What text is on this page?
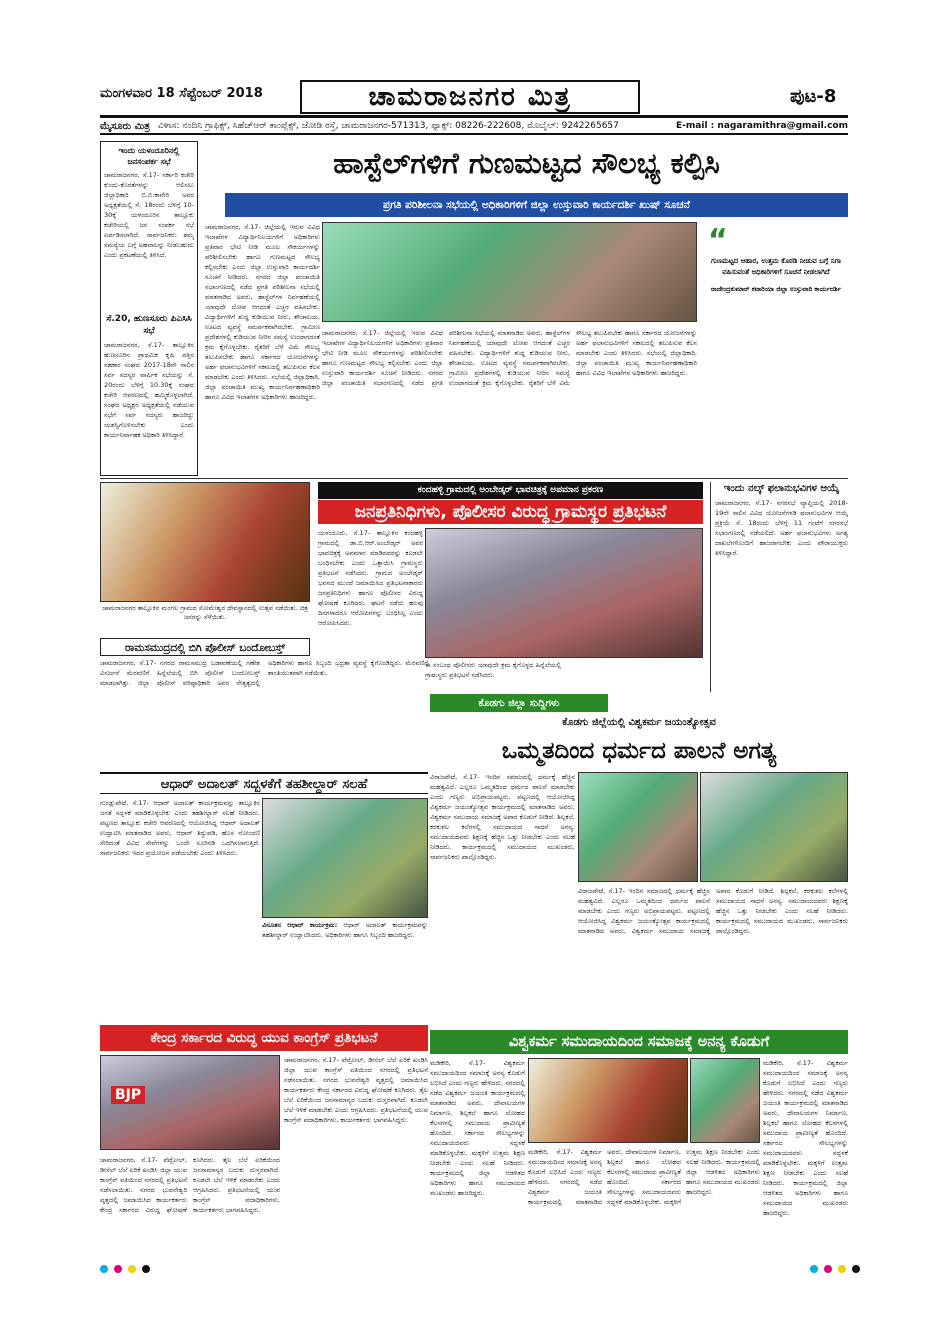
ಮಂಗಳವಾರ 18 ಸೆಪ್ಟೆಂಬರ್ 2018	ಚಾಮರಾಜನಗರ ಮಿತ್ರ	ಪುಟ-8
ಮೈಸೂರು ಮಿತ್ರ ವಿಳಾಸ: ನಂದಿನಿ ಗ್ರಾಫಿಕ್ಸ್, ಸಿಹೆಚ್‌ಆರ್ ಕಾಂಪ್ಲೆಕ್ಸ್, ಜೋಡಿ ರಸ್ತೆ, ಚಾಮರಾಜನಗರ-571313, ಫ್ಯಾಕ್ಸ್: 08226-222608, ಮೊಬೈಲ್: 9242265657	E-mail : nagaramithra@gmail.com
ಇಂದು ಯಳಂದೂರಿನಲ್ಲಿ ಜನಸಂಪರ್ಕ ಸಭೆ
ಚಾಮರಾಜನಗರ, ಸೆ.17- ಸರ್ಕಾರಿ ಕಚೇರಿ ಕುಂದು-ಕೊರತೆಗಳನ್ನು ಆಲಿಸಲು ಜಿಲ್ಲಾಧಿಕಾರಿ ಬಿ.ಬಿ.ಕಾವೇರಿ ಅವರ ಅಧ್ಯಕ್ಷತೆಯಲ್ಲಿ ಸೆ. 18ರಂದು ಬೆಳಿಗ್ಗೆ 10-30ಕ್ಕೆ ಯಳಂದೂರಿನ ತಾಲ್ಲೂಕು ಕಚೇರಿಯಲ್ಲಿ ಜನ ಸಂಪರ್ಕ ಸಭೆ ಏರ್ಪಡಿಸಲಾಗಿದೆ. ಸಾರ್ವಜನಿಕರು ತಮ್ಮ ಸಮಸ್ಯೆಯ ಬಗ್ಗೆ ಅಹವಾಲನ್ನು ನೀಡಬಹುದು ಎಂದು ಪ್ರಕಟಣೆಯಲ್ಲಿ ತಿಳಿಸಿದೆ.
ಸೆ.20, ಹುಣಸೂರು ಪಿಎಸಿಸಿ ಸಭೆ
ಚಾಮರಾಜನಗರ, ಸೆ.17- ತಾಲ್ಲೂಕಿನ ಹುಣಸೂರಿನ ಪ್ರಾಥಮಿಕ ಕೃಷಿ ಪತ್ತಿನ ಸಹಕಾರ ಸಂಘದ 2017-18ನೇ ಸಾಲಿನ ಸರ್ವ ಸದಸ್ಯರ ವಾರ್ಷಿಕ ಸಭೆಯನ್ನು ಸೆ. 20ರಂದು ಬೆಳಿಗ್ಗೆ 10.30ಕ್ಕೆ ಸಂಘದ ಕಚೇರಿ ಆವರಣದಲ್ಲಿ ಹಮ್ಮಿಕೊಳ್ಳಲಾಗಿದೆ. ಸಂಘದ ಅಧ್ಯಕ್ಷರ ಅಧ್ಯಕ್ಷತೆಯಲ್ಲಿ ನಡೆಯುವ ಸಭೆಗೆ ಸರ್ವ ಸದಸ್ಯರು ಹಾಜರಿದ್ದು ಯಶಸ್ವಿಗೊಳಿಸಬೇಕು ಎಂದು ಕಾರ್ಯನಿರ್ವಾಹಕ ಅಧಿಕಾರಿ ತಿಳಿಸಿದ್ದಾರೆ.
ಹಾಸ್ಟೆಲ್‌ಗಳಿಗೆ ಗುಣಮಟ್ಟದ ಸೌಲಭ್ಯ ಕಲ್ಪಿಸಿ
ಪ್ರಗತಿ ಪರಿಶೀಲನಾ ಸಭೆಯಲ್ಲಿ ಅಧಿಕಾರಿಗಳಿಗೆ ಜಿಲ್ಲಾ ಉಸ್ತುವಾರಿ ಕಾರ್ಯದರ್ಶಿ ಖುಷ್ ಸೂಚನೆ
ಚಾಮರಾಜನಗರ, ಸೆ.17- ಜಿಲ್ಲೆಯಲ್ಲಿ ಇರುವ ವಿವಿಧ ಇಲಾಖೆಗಳ ವಿದ್ಯಾರ್ಥಿನಿಲಯಗಳಿಗೆ ಅಧಿಕಾರಿಗಳು ಪ್ರತಿವಾರ ಭೇಟಿ ನೀಡಿ ಮೂಲ ಸೌಕರ್ಯಗಳನ್ನು ಪರಿಶೀಲಿಸಬೇಕು ಹಾಗೂ ಗುಣಮಟ್ಟದ ಸೌಲಭ್ಯ ಕಲ್ಪಿಸಬೇಕು ಎಂದು ಜಿಲ್ಲಾ ಉಸ್ತುವಾರಿ ಕಾರ್ಯದರ್ಶಿ ಸೂಚನೆ ನೀಡಿದರು. ನಗರದ ಜಿಲ್ಲಾ ಪಂಚಾಯಿತಿ ಸಭಾಂಗಣದಲ್ಲಿ ನಡೆದ ಪ್ರಗತಿ ಪರಿಶೀಲನಾ ಸಭೆಯಲ್ಲಿ ಮಾತನಾಡಿದ ಅವರು, ಹಾಸ್ಟೆಲ್‌ಗಳ ನಿರ್ವಹಣೆಯಲ್ಲಿ ಯಾವುದೇ ಲೋಪ ಆಗದಂತೆ ಎಚ್ಚರ ವಹಿಸಬೇಕು. ವಿದ್ಯಾರ್ಥಿಗಳಿಗೆ ಶುದ್ಧ ಕುಡಿಯುವ ನೀರು, ಶೌಚಾಲಯ, ಊಟದ ವ್ಯವಸ್ಥೆ ಸಮರ್ಪಕವಾಗಿರಬೇಕು. ಗ್ರಾಮೀಣ ಪ್ರದೇಶಗಳಲ್ಲಿ ಕುಡಿಯುವ ನೀರಿನ ಸಮಸ್ಯೆ ಉಂಟಾಗದಂತೆ ಕ್ರಮ ಕೈಗೊಳ್ಳಬೇಕು. ರೈತರಿಗೆ ಬೆಳೆ ವಿಮೆ ಸೌಲಭ್ಯ ತಲುಪಿಸಬೇಕು ಹಾಗೂ ಸರ್ಕಾರದ ಯೋಜನೆಗಳನ್ನು ಅರ್ಹ ಫಲಾನುಭವಿಗಳಿಗೆ ಸಕಾಲದಲ್ಲಿ ತಲುಪಿಸುವ ಕೆಲಸ ಮಾಡಬೇಕು ಎಂದು ತಿಳಿಸಿದರು. ಸಭೆಯಲ್ಲಿ ಜಿಲ್ಲಾಧಿಕಾರಿ, ಜಿಲ್ಲಾ ಪಂಚಾಯಿತಿ ಮುಖ್ಯ ಕಾರ್ಯನಿರ್ವಹಣಾಧಿಕಾರಿ ಹಾಗೂ ವಿವಿಧ ಇಲಾಖೆಗಳ ಅಧಿಕಾರಿಗಳು ಹಾಜರಿದ್ದರು.
ಚಾಮರಾಜನಗರ, ಸೆ.17- ಜಿಲ್ಲೆಯಲ್ಲಿ ಇರುವ ವಿವಿಧ ಇಲಾಖೆಗಳ ವಿದ್ಯಾರ್ಥಿನಿಲಯಗಳಿಗೆ ಅಧಿಕಾರಿಗಳು ಪ್ರತಿವಾರ ಭೇಟಿ ನೀಡಿ ಮೂಲ ಸೌಕರ್ಯಗಳನ್ನು ಪರಿಶೀಲಿಸಬೇಕು ಹಾಗೂ ಗುಣಮಟ್ಟದ ಸೌಲಭ್ಯ ಕಲ್ಪಿಸಬೇಕು ಎಂದು ಜಿಲ್ಲಾ ಉಸ್ತುವಾರಿ ಕಾರ್ಯದರ್ಶಿ ಸೂಚನೆ ನೀಡಿದರು. ನಗರದ ಜಿಲ್ಲಾ ಪಂಚಾಯಿತಿ ಸಭಾಂಗಣದಲ್ಲಿ ನಡೆದ ಪ್ರಗತಿ ಪರಿಶೀಲನಾ ಸಭೆಯಲ್ಲಿ ಮಾತನಾಡಿದ ಅವರು, ಹಾಸ್ಟೆಲ್‌ಗಳ ನಿರ್ವಹಣೆಯಲ್ಲಿ ಯಾವುದೇ ಲೋಪ ಆಗದಂತೆ ಎಚ್ಚರ ವಹಿಸಬೇಕು. ವಿದ್ಯಾರ್ಥಿಗಳಿಗೆ ಶುದ್ಧ ಕುಡಿಯುವ ನೀರು, ಶೌಚಾಲಯ, ಊಟದ ವ್ಯವಸ್ಥೆ ಸಮರ್ಪಕವಾಗಿರಬೇಕು. ಗ್ರಾಮೀಣ ಪ್ರದೇಶಗಳಲ್ಲಿ ಕುಡಿಯುವ ನೀರಿನ ಸಮಸ್ಯೆ ಉಂಟಾಗದಂತೆ ಕ್ರಮ ಕೈಗೊಳ್ಳಬೇಕು. ರೈತರಿಗೆ ಬೆಳೆ ವಿಮೆ ಸೌಲಭ್ಯ ತಲುಪಿಸಬೇಕು ಹಾಗೂ ಸರ್ಕಾರದ ಯೋಜನೆಗಳನ್ನು ಅರ್ಹ ಫಲಾನುಭವಿಗಳಿಗೆ ಸಕಾಲದಲ್ಲಿ ತಲುಪಿಸುವ ಕೆಲಸ ಮಾಡಬೇಕು ಎಂದು ತಿಳಿಸಿದರು. ಸಭೆಯಲ್ಲಿ ಜಿಲ್ಲಾಧಿಕಾರಿ, ಜಿಲ್ಲಾ ಪಂಚಾಯಿತಿ ಮುಖ್ಯ ಕಾರ್ಯನಿರ್ವಹಣಾಧಿಕಾರಿ ಹಾಗೂ ವಿವಿಧ ಇಲಾಖೆಗಳ ಅಧಿಕಾರಿಗಳು ಹಾಜರಿದ್ದರು.
“
ಗುಣಮಟ್ಟದ ಆಹಾರ, ಉತ್ತಮ ಕೊಠಡಿ ನೀಡುವ ಬಗ್ಗೆ ನಿಗಾ ವಹಿಸುವಂತೆ ಅಧಿಕಾರಿಗಳಿಗೆ ಸೂಚನೆ ನೀಡಲಾಗಿದೆ
ರಾಜೇಂದ್ರಕುಮಾರ್ ಕಟಾರಿಯಾ ಜಿಲ್ಲಾ ಉಸ್ತುವಾರಿ ಕಾರ್ಯದರ್ಶಿ
ಚಾಮರಾಜನಗರ ತಾಲ್ಲೂಕಿನ ಮಂಗಲ ಗ್ರಾಮದ ಸೋಮೇಶ್ವರ ದೇವಸ್ಥಾನದಲ್ಲಿ ಉತ್ಸವ ನಡೆಯಿತು. ಚಿತ್ರ ಜನರನ್ನು ಸೆಳೆಯಿತು.
ಕಂದಹಳ್ಳಿ ಗ್ರಾಮದಲ್ಲಿ ಅಂಬೇಡ್ಕರ್ ಭಾವಚಿತ್ರಕ್ಕೆ ಅಪಮಾನ ಪ್ರಕರಣ
ಜನಪ್ರತಿನಿಧಿಗಳು, ಪೊಲೀಸರ ವಿರುದ್ಧ ಗ್ರಾಮಸ್ಥರ ಪ್ರತಿಭಟನೆ
ಯಳಂದೂರು, ಸೆ.17- ತಾಲ್ಲೂಕಿನ ಕಂದಹಳ್ಳಿ ಗ್ರಾಮದಲ್ಲಿ ಡಾ.ಬಿ.ಆರ್.ಅಂಬೇಡ್ಕರ್ ಅವರ ಭಾವಚಿತ್ರಕ್ಕೆ ಅಪಮಾನ ಮಾಡಿದವರನ್ನು ಕೂಡಲೇ ಬಂಧಿಸಬೇಕು ಎಂದು ಒತ್ತಾಯಿಸಿ ಗ್ರಾಮಸ್ಥರು ಪ್ರತಿಭಟನೆ ನಡೆಸಿದರು. ಗ್ರಾಮದ ಅಂಬೇಡ್ಕರ್ ಭವನದ ಮುಂದೆ ಜಮಾಯಿಸಿದ ಪ್ರತಿಭಟನಾಕಾರರು ಜನಪ್ರತಿನಿಧಿಗಳು ಹಾಗೂ ಪೊಲೀಸರ ವಿರುದ್ಧ ಘೋಷಣೆ ಕೂಗಿದರು. ಘಟನೆ ನಡೆದು ಹಲವು ದಿನಗಳಾದರೂ ಆರೋಪಿಗಳನ್ನು ಬಂಧಿಸಿಲ್ಲ ಎಂದು ಆರೋಪಿಸಿದರು.
ಈ ಸಂಬಂಧ ಪೊಲೀಸರು ಯಾವುದೇ ಕ್ರಮ ಕೈಗೊಳ್ಳದ ಹಿನ್ನೆಲೆಯಲ್ಲಿ ಗ್ರಾಮಸ್ಥರು ಪ್ರತಿಭಟನೆ ನಡೆಸಿದರು.
ಇಂದು ನಲ್ಕ್ ಫಲಾನುಭವಿಗಳ ಆಯ್ಕೆ
ಚಾಮರಾಜನಗರ, ಸೆ.17- ನಗರಸಭೆ ವ್ಯಾಪ್ತಿಯಲ್ಲಿ 2018-19ನೇ ಸಾಲಿನ ವಿವಿಧ ಯೋಜನೆಗಳಡಿ ಫಲಾನುಭವಿಗಳ ಆಯ್ಕೆ ಪ್ರಕ್ರಿಯೆ ಸೆ. 18ರಂದು ಬೆಳಿಗ್ಗೆ 11 ಗಂಟೆಗೆ ನಗರಸಭೆ ಸಭಾಂಗಣದಲ್ಲಿ ನಡೆಯಲಿದೆ. ಅರ್ಹ ಫಲಾನುಭವಿಗಳು ಅಗತ್ಯ ದಾಖಲೆಗಳೊಂದಿಗೆ ಹಾಜರಾಗಬೇಕು ಎಂದು ಪೌರಾಯುಕ್ತರು ತಿಳಿಸಿದ್ದಾರೆ.
ರಾಮಸಮುದ್ರದಲ್ಲಿ ಬಿಗಿ ಪೊಲೀಸ್ ಬಂದೋಬಸ್ತ್
ಚಾಮರಾಜನಗರ, ಸೆ.17- ನಗರದ ರಾಮಸಮುದ್ರ ಬಡಾವಣೆಯಲ್ಲಿ ಗಣೇಶ ವಿಸರ್ಜನೆ ಮೆರವಣಿಗೆ ಹಿನ್ನೆಲೆಯಲ್ಲಿ ಬಿಗಿ ಪೊಲೀಸ್ ಬಂದೋಬಸ್ತ್ ಮಾಡಲಾಗಿತ್ತು. ಜಿಲ್ಲಾ ಪೊಲೀಸ್ ವರಿಷ್ಠಾಧಿಕಾರಿ ಅವರ ನೇತೃತ್ವದಲ್ಲಿ ಅಧಿಕಾರಿಗಳು ಹಾಗೂ ಸಿಬ್ಬಂದಿ ಭದ್ರತಾ ವ್ಯವಸ್ಥೆ ಕೈಗೊಂಡಿದ್ದರು. ಮೆರವಣಿಗೆ ಶಾಂತಿಯುತವಾಗಿ ನಡೆಯಿತು.
ಕೊಡಗು ಜಿಲ್ಲಾ ಸುದ್ದಿಗಳು
ಕೊಡಗು ಜಿಲ್ಲೆಯಲ್ಲಿ ವಿಶ್ವಕರ್ಮ ಜಯಂತ್ಯೋತ್ಸವ
ಒಮ್ಮತದಿಂದ ಧರ್ಮದ ಪಾಲನೆ ಅಗತ್ಯ
ವಿರಾಜಪೇಟೆ, ಸೆ.17- ಇಂದಿನ ಸಮಾಜದಲ್ಲಿ ಧರ್ಮಕ್ಕೆ ಹೆಚ್ಚಿನ ಮಹತ್ವವಿದೆ. ಎಲ್ಲರೂ ಒಮ್ಮತದಿಂದ ಧರ್ಮದ ಪಾಲನೆ ಮಾಡಬೇಕು ಎಂದು ಗಣ್ಯರು ಅಭಿಪ್ರಾಯಪಟ್ಟರು. ಪಟ್ಟಣದಲ್ಲಿ ಆಯೋಜಿಸಿದ್ದ ವಿಶ್ವಕರ್ಮ ಜಯಂತ್ಯೋತ್ಸವ ಕಾರ್ಯಕ್ರಮದಲ್ಲಿ ಮಾತನಾಡಿದ ಅವರು, ವಿಶ್ವಕರ್ಮ ಸಮುದಾಯ ಸಮಾಜಕ್ಕೆ ಅಪಾರ ಕೊಡುಗೆ ನೀಡಿದೆ. ಶಿಲ್ಪಕಲೆ, ಕರಕುಶಲ ಕಲೆಗಳಲ್ಲಿ ಸಮುದಾಯದ ಸಾಧನೆ ಅನನ್ಯ. ಸಮುದಾಯದವರು ಶಿಕ್ಷಣಕ್ಕೆ ಹೆಚ್ಚಿನ ಒತ್ತು ನೀಡಬೇಕು ಎಂದು ಸಲಹೆ ನೀಡಿದರು. ಕಾರ್ಯಕ್ರಮದಲ್ಲಿ ಸಮುದಾಯದ ಮುಖಂಡರು, ಸಾರ್ವಜನಿಕರು ಪಾಲ್ಗೊಂಡಿದ್ದರು.
ವಿರಾಜಪೇಟೆ, ಸೆ.17- ಇಂದಿನ ಸಮಾಜದಲ್ಲಿ ಧರ್ಮಕ್ಕೆ ಹೆಚ್ಚಿನ ಮಹತ್ವವಿದೆ. ಎಲ್ಲರೂ ಒಮ್ಮತದಿಂದ ಧರ್ಮದ ಪಾಲನೆ ಮಾಡಬೇಕು ಎಂದು ಗಣ್ಯರು ಅಭಿಪ್ರಾಯಪಟ್ಟರು. ಪಟ್ಟಣದಲ್ಲಿ ಆಯೋಜಿಸಿದ್ದ ವಿಶ್ವಕರ್ಮ ಜಯಂತ್ಯೋತ್ಸವ ಕಾರ್ಯಕ್ರಮದಲ್ಲಿ ಮಾತನಾಡಿದ ಅವರು, ವಿಶ್ವಕರ್ಮ ಸಮುದಾಯ ಸಮಾಜಕ್ಕೆ ಅಪಾರ ಕೊಡುಗೆ ನೀಡಿದೆ. ಶಿಲ್ಪಕಲೆ, ಕರಕುಶಲ ಕಲೆಗಳಲ್ಲಿ ಸಮುದಾಯದ ಸಾಧನೆ ಅನನ್ಯ. ಸಮುದಾಯದವರು ಶಿಕ್ಷಣಕ್ಕೆ ಹೆಚ್ಚಿನ ಒತ್ತು ನೀಡಬೇಕು ಎಂದು ಸಲಹೆ ನೀಡಿದರು. ಕಾರ್ಯಕ್ರಮದಲ್ಲಿ ಸಮುದಾಯದ ಮುಖಂಡರು, ಸಾರ್ವಜನಿಕರು ಪಾಲ್ಗೊಂಡಿದ್ದರು.
ಆಧಾರ್ ಅದಾಲತ್ ಸದ್ಬಳಕೆಗೆ ತಹಶೀಲ್ದಾರ್ ಸಲಹೆ
ಗುಂಡ್ಲುಪೇಟೆ, ಸೆ.17- ಆಧಾರ್ ಅದಾಲತ್ ಕಾರ್ಯಕ್ರಮವನ್ನು ತಾಲ್ಲೂಕಿನ ಜನತೆ ಸದ್ಬಳಕೆ ಮಾಡಿಕೊಳ್ಳಬೇಕು ಎಂದು ತಹಶೀಲ್ದಾರ್ ಸಲಹೆ ನೀಡಿದರು. ಪಟ್ಟಣದ ತಾಲ್ಲೂಕು ಕಚೇರಿ ಆವರಣದಲ್ಲಿ ಆಯೋಜಿಸಿದ್ದ ಆಧಾರ್ ಅದಾಲತ್ ಉದ್ಘಾಟಿಸಿ ಮಾತನಾಡಿದ ಅವರು, ಆಧಾರ್ ತಿದ್ದುಪಡಿ, ಹೊಸ ನೋಂದಣಿ ಸೇರಿದಂತೆ ವಿವಿಧ ಸೇವೆಗಳನ್ನು ಒಂದೇ ಸೂರಿನಡಿ ಒದಗಿಸಲಾಗುತ್ತಿದೆ. ಸಾರ್ವಜನಿಕರು ಇದರ ಪ್ರಯೋಜನ ಪಡೆಯಬೇಕು ಎಂದು ತಿಳಿಸಿದರು.
ವಿನೂತನ ಆಧಾರ್ ಕಾರ್ಯಕ್ರಮ: ಆಧಾರ್ ಅದಾಲತ್ ಕಾರ್ಯಕ್ರಮವನ್ನು ತಹಶೀಲ್ದಾರ್ ಉದ್ಘಾಟಿಸಿದರು. ಅಧಿಕಾರಿಗಳು ಹಾಗೂ ಸಿಬ್ಬಂದಿ ಹಾಜರಿದ್ದರು.
ಕೇಂದ್ರ ಸರ್ಕಾರದ ವಿರುದ್ಧ ಯುವ ಕಾಂಗ್ರೆಸ್ ಪ್ರತಿಭಟನೆ
BJP
ಚಾಮರಾಜನಗರ, ಸೆ.17- ಪೆಟ್ರೋಲ್, ಡೀಸೆಲ್ ಬೆಲೆ ಏರಿಕೆ ಖಂಡಿಸಿ ಜಿಲ್ಲಾ ಯುವ ಕಾಂಗ್ರೆಸ್ ವತಿಯಿಂದ ನಗರದಲ್ಲಿ ಪ್ರತಿಭಟನೆ ನಡೆಸಲಾಯಿತು. ನಗರದ ಭುವನೇಶ್ವರಿ ವೃತ್ತದಲ್ಲಿ ಜಮಾಯಿಸಿದ ಕಾರ್ಯಕರ್ತರು ಕೇಂದ್ರ ಸರ್ಕಾರದ ವಿರುದ್ಧ ಘೋಷಣೆ ಕೂಗಿದರು. ತೈಲ ಬೆಲೆ ಏರಿಕೆಯಿಂದ ಜನಸಾಮಾನ್ಯರ ಬದುಕು ದುಸ್ತರವಾಗಿದೆ. ಕೂಡಲೇ ಬೆಲೆ ಇಳಿಕೆ ಮಾಡಬೇಕು ಎಂದು ಆಗ್ರಹಿಸಿದರು. ಪ್ರತಿಭಟನೆಯಲ್ಲಿ ಯುವ ಕಾಂಗ್ರೆಸ್ ಪದಾಧಿಕಾರಿಗಳು, ಕಾರ್ಯಕರ್ತರು ಭಾಗವಹಿಸಿದ್ದರು.
ಚಾಮರಾಜನಗರ, ಸೆ.17- ಪೆಟ್ರೋಲ್, ಡೀಸೆಲ್ ಬೆಲೆ ಏರಿಕೆ ಖಂಡಿಸಿ ಜಿಲ್ಲಾ ಯುವ ಕಾಂಗ್ರೆಸ್ ವತಿಯಿಂದ ನಗರದಲ್ಲಿ ಪ್ರತಿಭಟನೆ ನಡೆಸಲಾಯಿತು. ನಗರದ ಭುವನೇಶ್ವರಿ ವೃತ್ತದಲ್ಲಿ ಜಮಾಯಿಸಿದ ಕಾರ್ಯಕರ್ತರು ಕೇಂದ್ರ ಸರ್ಕಾರದ ವಿರುದ್ಧ ಘೋಷಣೆ ಕೂಗಿದರು. ತೈಲ ಬೆಲೆ ಏರಿಕೆಯಿಂದ ಜನಸಾಮಾನ್ಯರ ಬದುಕು ದುಸ್ತರವಾಗಿದೆ. ಕೂಡಲೇ ಬೆಲೆ ಇಳಿಕೆ ಮಾಡಬೇಕು ಎಂದು ಆಗ್ರಹಿಸಿದರು. ಪ್ರತಿಭಟನೆಯಲ್ಲಿ ಯುವ ಕಾಂಗ್ರೆಸ್ ಪದಾಧಿಕಾರಿಗಳು, ಕಾರ್ಯಕರ್ತರು ಭಾಗವಹಿಸಿದ್ದರು.
ವಿಶ್ವಕರ್ಮ ಸಮುದಾಯದಿಂದ ಸಮಾಜಕ್ಕೆ ಅನನ್ಯ ಕೊಡುಗೆ
ಮಡಿಕೇರಿ, ಸೆ.17- ವಿಶ್ವಕರ್ಮ ಸಮುದಾಯದಿಂದ ಸಮಾಜಕ್ಕೆ ಅನನ್ಯ ಕೊಡುಗೆ ಲಭಿಸಿದೆ ಎಂದು ಗಣ್ಯರು ಹೇಳಿದರು. ನಗರದಲ್ಲಿ ನಡೆದ ವಿಶ್ವಕರ್ಮ ಜಯಂತಿ ಕಾರ್ಯಕ್ರಮದಲ್ಲಿ ಮಾತನಾಡಿದ ಅವರು, ದೇವಾಲಯಗಳ ನಿರ್ಮಾಣ, ಶಿಲ್ಪಕಲೆ ಹಾಗೂ ಲೋಹದ ಕೆಲಸಗಳಲ್ಲಿ ಸಮುದಾಯ ಪ್ರಾವೀಣ್ಯತೆ ಹೊಂದಿದೆ. ಸರ್ಕಾರದ ಸೌಲಭ್ಯಗಳನ್ನು ಸಮುದಾಯದವರು ಸದ್ಬಳಕೆ ಮಾಡಿಕೊಳ್ಳಬೇಕು. ಮಕ್ಕಳಿಗೆ ಉತ್ತಮ ಶಿಕ್ಷಣ ನೀಡಬೇಕು ಎಂದು ಸಲಹೆ ನೀಡಿದರು. ಕಾರ್ಯಕ್ರಮದಲ್ಲಿ ಜಿಲ್ಲಾ ಆಡಳಿತದ ಅಧಿಕಾರಿಗಳು ಹಾಗೂ ಸಮುದಾಯದ ಮುಖಂಡರು ಹಾಜರಿದ್ದರು.
ಮಡಿಕೇರಿ, ಸೆ.17- ವಿಶ್ವಕರ್ಮ ಸಮುದಾಯದಿಂದ ಸಮಾಜಕ್ಕೆ ಅನನ್ಯ ಕೊಡುಗೆ ಲಭಿಸಿದೆ ಎಂದು ಗಣ್ಯರು ಹೇಳಿದರು. ನಗರದಲ್ಲಿ ನಡೆದ ವಿಶ್ವಕರ್ಮ ಜಯಂತಿ ಕಾರ್ಯಕ್ರಮದಲ್ಲಿ ಮಾತನಾಡಿದ ಅವರು, ದೇವಾಲಯಗಳ ನಿರ್ಮಾಣ, ಶಿಲ್ಪಕಲೆ ಹಾಗೂ ಲೋಹದ ಕೆಲಸಗಳಲ್ಲಿ ಸಮುದಾಯ ಪ್ರಾವೀಣ್ಯತೆ ಹೊಂದಿದೆ. ಸರ್ಕಾರದ ಸೌಲಭ್ಯಗಳನ್ನು ಸಮುದಾಯದವರು ಸದ್ಬಳಕೆ ಮಾಡಿಕೊಳ್ಳಬೇಕು. ಮಕ್ಕಳಿಗೆ ಉತ್ತಮ ಶಿಕ್ಷಣ ನೀಡಬೇಕು ಎಂದು ಸಲಹೆ ನೀಡಿದರು. ಕಾರ್ಯಕ್ರಮದಲ್ಲಿ ಜಿಲ್ಲಾ ಆಡಳಿತದ ಅಧಿಕಾರಿಗಳು ಹಾಗೂ ಸಮುದಾಯದ ಮುಖಂಡರು ಹಾಜರಿದ್ದರು.
ಮಡಿಕೇರಿ, ಸೆ.17- ವಿಶ್ವಕರ್ಮ ಸಮುದಾಯದಿಂದ ಸಮಾಜಕ್ಕೆ ಅನನ್ಯ ಕೊಡುಗೆ ಲಭಿಸಿದೆ ಎಂದು ಗಣ್ಯರು ಹೇಳಿದರು. ನಗರದಲ್ಲಿ ನಡೆದ ವಿಶ್ವಕರ್ಮ ಜಯಂತಿ ಕಾರ್ಯಕ್ರಮದಲ್ಲಿ ಮಾತನಾಡಿದ ಅವರು, ದೇವಾಲಯಗಳ ನಿರ್ಮಾಣ, ಶಿಲ್ಪಕಲೆ ಹಾಗೂ ಲೋಹದ ಕೆಲಸಗಳಲ್ಲಿ ಸಮುದಾಯ ಪ್ರಾವೀಣ್ಯತೆ ಹೊಂದಿದೆ. ಸರ್ಕಾರದ ಸೌಲಭ್ಯಗಳನ್ನು ಸಮುದಾಯದವರು ಸದ್ಬಳಕೆ ಮಾಡಿಕೊಳ್ಳಬೇಕು. ಮಕ್ಕಳಿಗೆ ಉತ್ತಮ ಶಿಕ್ಷಣ ನೀಡಬೇಕು ಎಂದು ಸಲಹೆ ನೀಡಿದರು. ಕಾರ್ಯಕ್ರಮದಲ್ಲಿ ಜಿಲ್ಲಾ ಆಡಳಿತದ ಅಧಿಕಾರಿಗಳು ಹಾಗೂ ಸಮುದಾಯದ ಮುಖಂಡರು ಹಾಜರಿದ್ದರು.
